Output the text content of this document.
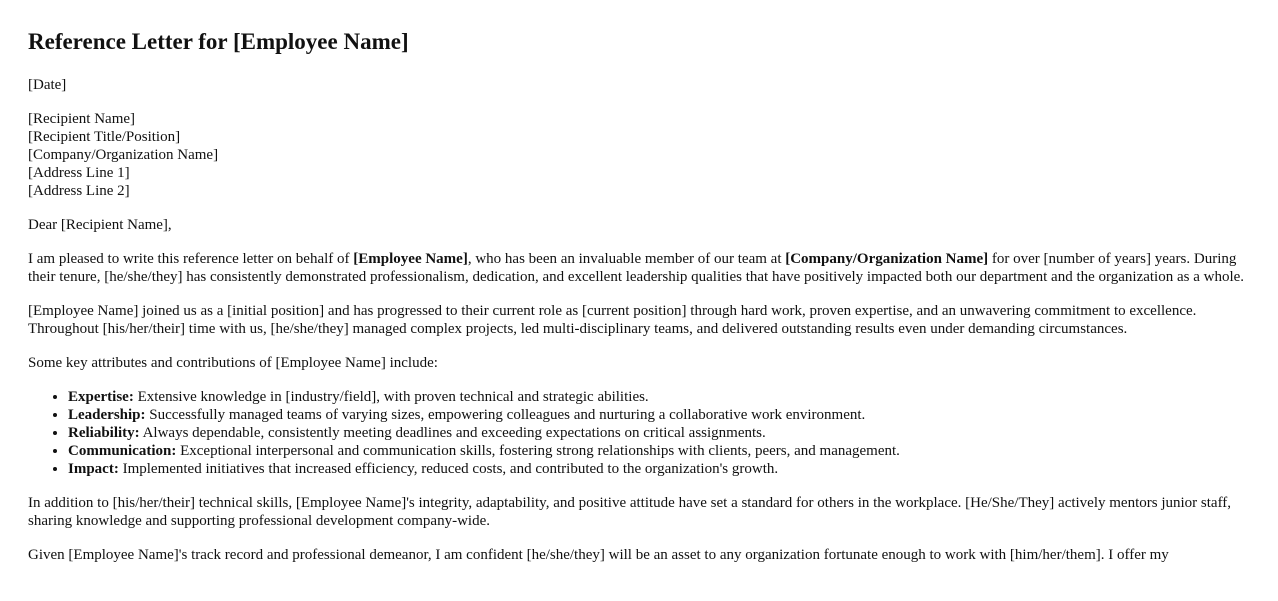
Reference Letter for [Employee Name]
[Date]
[Recipient Name]
[Recipient Title/Position]
[Company/Organization Name]
[Address Line 1]
[Address Line 2]

Dear [Recipient Name],

I am pleased to write this reference letter on behalf of [Employee Name], who has been an invaluable member of our team at [Company/Organization Name] for over [number of years] years. During their tenure, [he/she/they] has consistently demonstrated professionalism, dedication, and excellent leadership qualities that have positively impacted both our department and the organization as a whole.

[Employee Name] joined us as a [initial position] and has progressed to their current role as [current position] through hard work, proven expertise, and an unwavering commitment to excellence. Throughout [his/her/their] time with us, [he/she/they] managed complex projects, led multi-disciplinary teams, and delivered outstanding results even under demanding circumstances.

Some key attributes and contributions of [Employee Name] include:

• Expertise: Extensive knowledge in [industry/field], with proven technical and strategic abilities.
• Leadership: Successfully managed teams of varying sizes, empowering colleagues and nurturing a collaborative work environment.
• Reliability: Always dependable, consistently meeting deadlines and exceeding expectations on critical assignments.
• Communication: Exceptional interpersonal and communication skills, fostering strong relationships with clients, peers, and management.
• Impact: Implemented initiatives that increased efficiency, reduced costs, and contributed to the organization's growth.

In addition to [his/her/their] technical skills, [Employee Name]'s integrity, adaptability, and positive attitude have set a standard for others in the workplace. [He/She/They] actively mentors junior staff, sharing knowledge and supporting professional development company-wide.

Given [Employee Name]'s track record and professional demeanor, I am confident [he/she/they] will be an asset to any organization fortunate enough to work with [him/her/them]. I offer my
